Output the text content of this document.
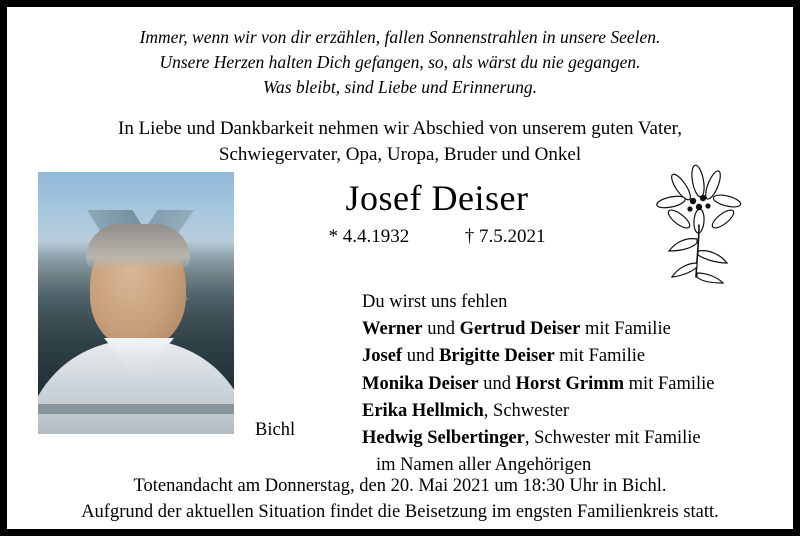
Immer, wenn wir von dir erzählen, fallen Sonnenstrahlen in unsere Seelen.
Unsere Herzen halten Dich gefangen, so, als wärst du nie gegangen.
Was bleibt, sind Liebe und Erinnerung.
In Liebe und Dankbarkeit nehmen wir Abschied von unserem guten Vater,
Schwiegervater, Opa, Uropa, Bruder und Onkel
Josef Deiser
* 4.4.1932	† 7.5.2021
Du wirst uns fehlen
Werner und Gertrud Deiser mit Familie
Josef und Brigitte Deiser mit Familie
Monika Deiser und Horst Grimm mit Familie
Erika Hellmich, Schwester
Hedwig Selbertinger, Schwester mit Familie
im Namen aller Angehörigen
Bichl
Totenandacht am Donnerstag, den 20. Mai 2021 um 18:30 Uhr in Bichl.
Aufgrund der aktuellen Situation findet die Beisetzung im engsten Familienkreis statt.
